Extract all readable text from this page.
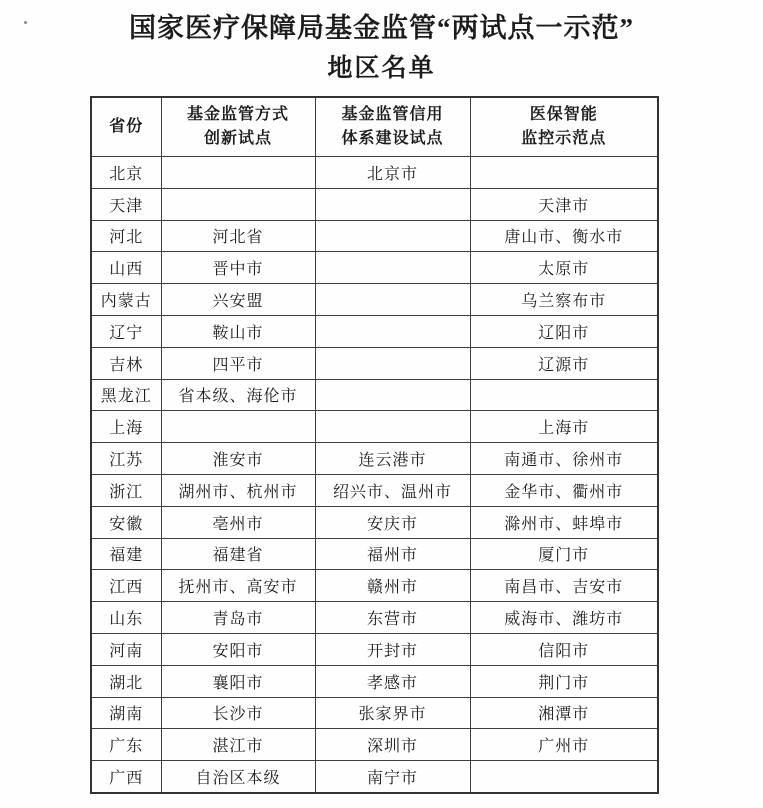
国家医疗保障局基金监管“两试点一示范”
地区名单
省份

基金监管方式
创新试点

基金监管信用
体系建设试点

医保智能
监控示范点

北京		北京市	
天津			天津市
河北	河北省		唐山市、衡水市
山西	晋中市		太原市
内蒙古	兴安盟		乌兰察布市
辽宁	鞍山市		辽阳市
吉林	四平市		辽源市
黑龙江	省本级、海伦市		
上海			上海市
江苏	淮安市	连云港市	南通市、徐州市
浙江	湖州市、杭州市	绍兴市、温州市	金华市、衢州市
安徽	亳州市	安庆市	滁州市、蚌埠市
福建	福建省	福州市	厦门市
江西	抚州市、高安市	赣州市	南昌市、吉安市
山东	青岛市	东营市	威海市、潍坊市
河南	安阳市	开封市	信阳市
湖北	襄阳市	孝感市	荆门市
湖南	长沙市	张家界市	湘潭市
广东	湛江市	深圳市	广州市
广西	自治区本级	南宁市	
